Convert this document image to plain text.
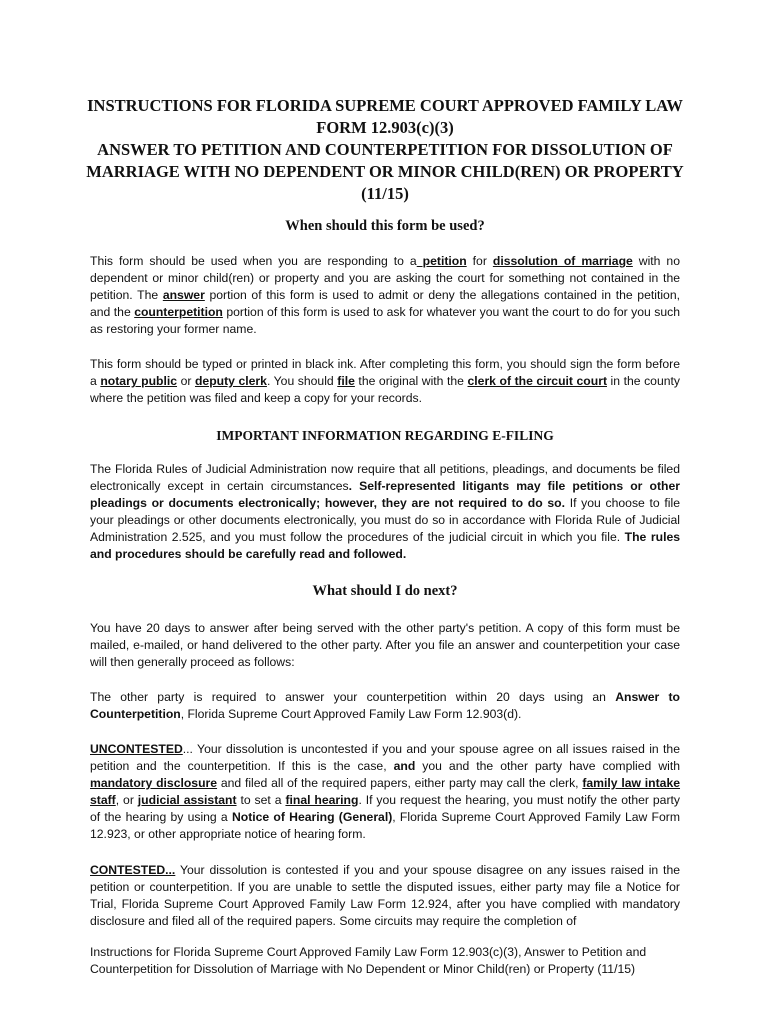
INSTRUCTIONS FOR FLORIDA SUPREME COURT APPROVED FAMILY LAW
FORM 12.903(c)(3)
ANSWER TO PETITION AND COUNTERPETITION FOR DISSOLUTION OF
MARRIAGE WITH NO DEPENDENT OR MINOR CHILD(REN) OR PROPERTY
(11/15)
When should this form be used?

This form should be used when you are responding to a petition for dissolution of marriage with no dependent or minor child(ren) or property and you are asking the court for something not contained in the petition. The answer portion of this form is used to admit or deny the allegations contained in the petition, and the counterpetition portion of this form is used to ask for whatever you want the court to do for you such as restoring your former name.

This form should be typed or printed in black ink. After completing this form, you should sign the form before a notary public or deputy clerk. You should file the original with the clerk of the circuit court in the county where the petition was filed and keep a copy for your records.

IMPORTANT INFORMATION REGARDING E-FILING

The Florida Rules of Judicial Administration now require that all petitions, pleadings, and documents be filed electronically except in certain circumstances. Self-represented litigants may file petitions or other pleadings or documents electronically; however, they are not required to do so. If you choose to file your pleadings or other documents electronically, you must do so in accordance with Florida Rule of Judicial Administration 2.525, and you must follow the procedures of the judicial circuit in which you file. The rules and procedures should be carefully read and followed.

What should I do next?

You have 20 days to answer after being served with the other party's petition. A copy of this form must be mailed, e-mailed, or hand delivered to the other party. After you file an answer and counterpetition your case will then generally proceed as follows:

The other party is required to answer your counterpetition within 20 days using an Answer to Counterpetition, Florida Supreme Court Approved Family Law Form 12.903(d).

UNCONTESTED... Your dissolution is uncontested if you and your spouse agree on all issues raised in the petition and the counterpetition. If this is the case, and you and the other party have complied with mandatory disclosure and filed all of the required papers, either party may call the clerk, family law intake staff, or judicial assistant to set a final hearing. If you request the hearing, you must notify the other party of the hearing by using a Notice of Hearing (General), Florida Supreme Court Approved Family Law Form 12.923, or other appropriate notice of hearing form.

CONTESTED... Your dissolution is contested if you and your spouse disagree on any issues raised in the petition or counterpetition. If you are unable to settle the disputed issues, either party may file a Notice for Trial, Florida Supreme Court Approved Family Law Form 12.924, after you have complied with mandatory disclosure and filed all of the required papers. Some circuits may require the completion of

Instructions for Florida Supreme Court Approved Family Law Form 12.903(c)(3), Answer to Petition and
Counterpetition for Dissolution of Marriage with No Dependent or Minor Child(ren) or Property (11/15)
